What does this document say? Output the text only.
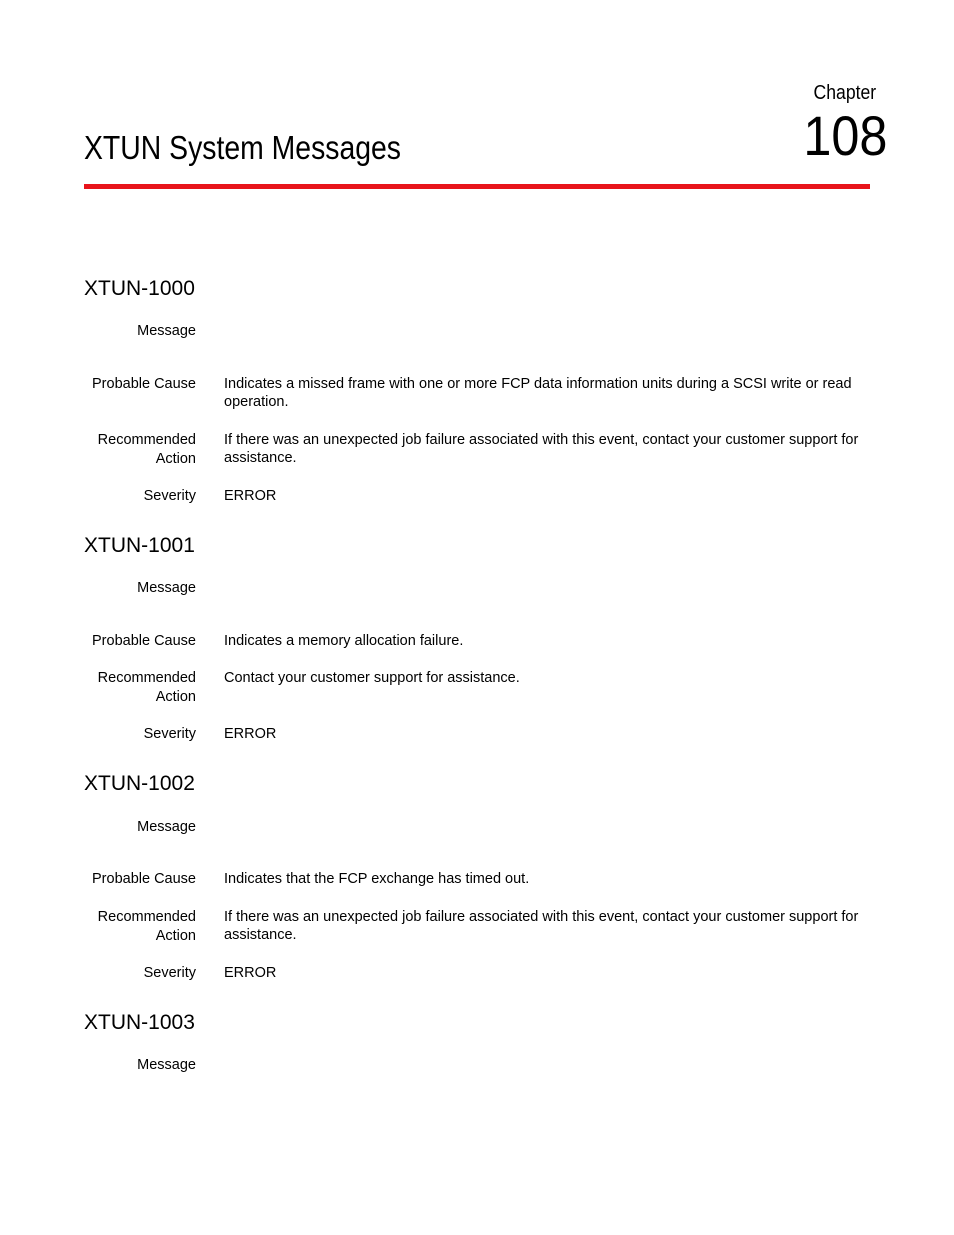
Chapter
108
XTUN System Messages
XTUN-1000
Message
Probable Cause Indicates a missed frame with one or more FCP data information units during a SCSI write or read operation.
Recommended
Action
If there was an unexpected job failure associated with this event, contact your customer support for assistance.
Severity ERROR
XTUN-1001
Message
Probable Cause Indicates a memory allocation failure.
Recommended
Action
Contact your customer support for assistance.
Severity ERROR
XTUN-1002
Message
Probable Cause Indicates that the FCP exchange has timed out.
Recommended
Action
If there was an unexpected job failure associated with this event, contact your customer support for assistance.
Severity ERROR
XTUN-1003
Message
